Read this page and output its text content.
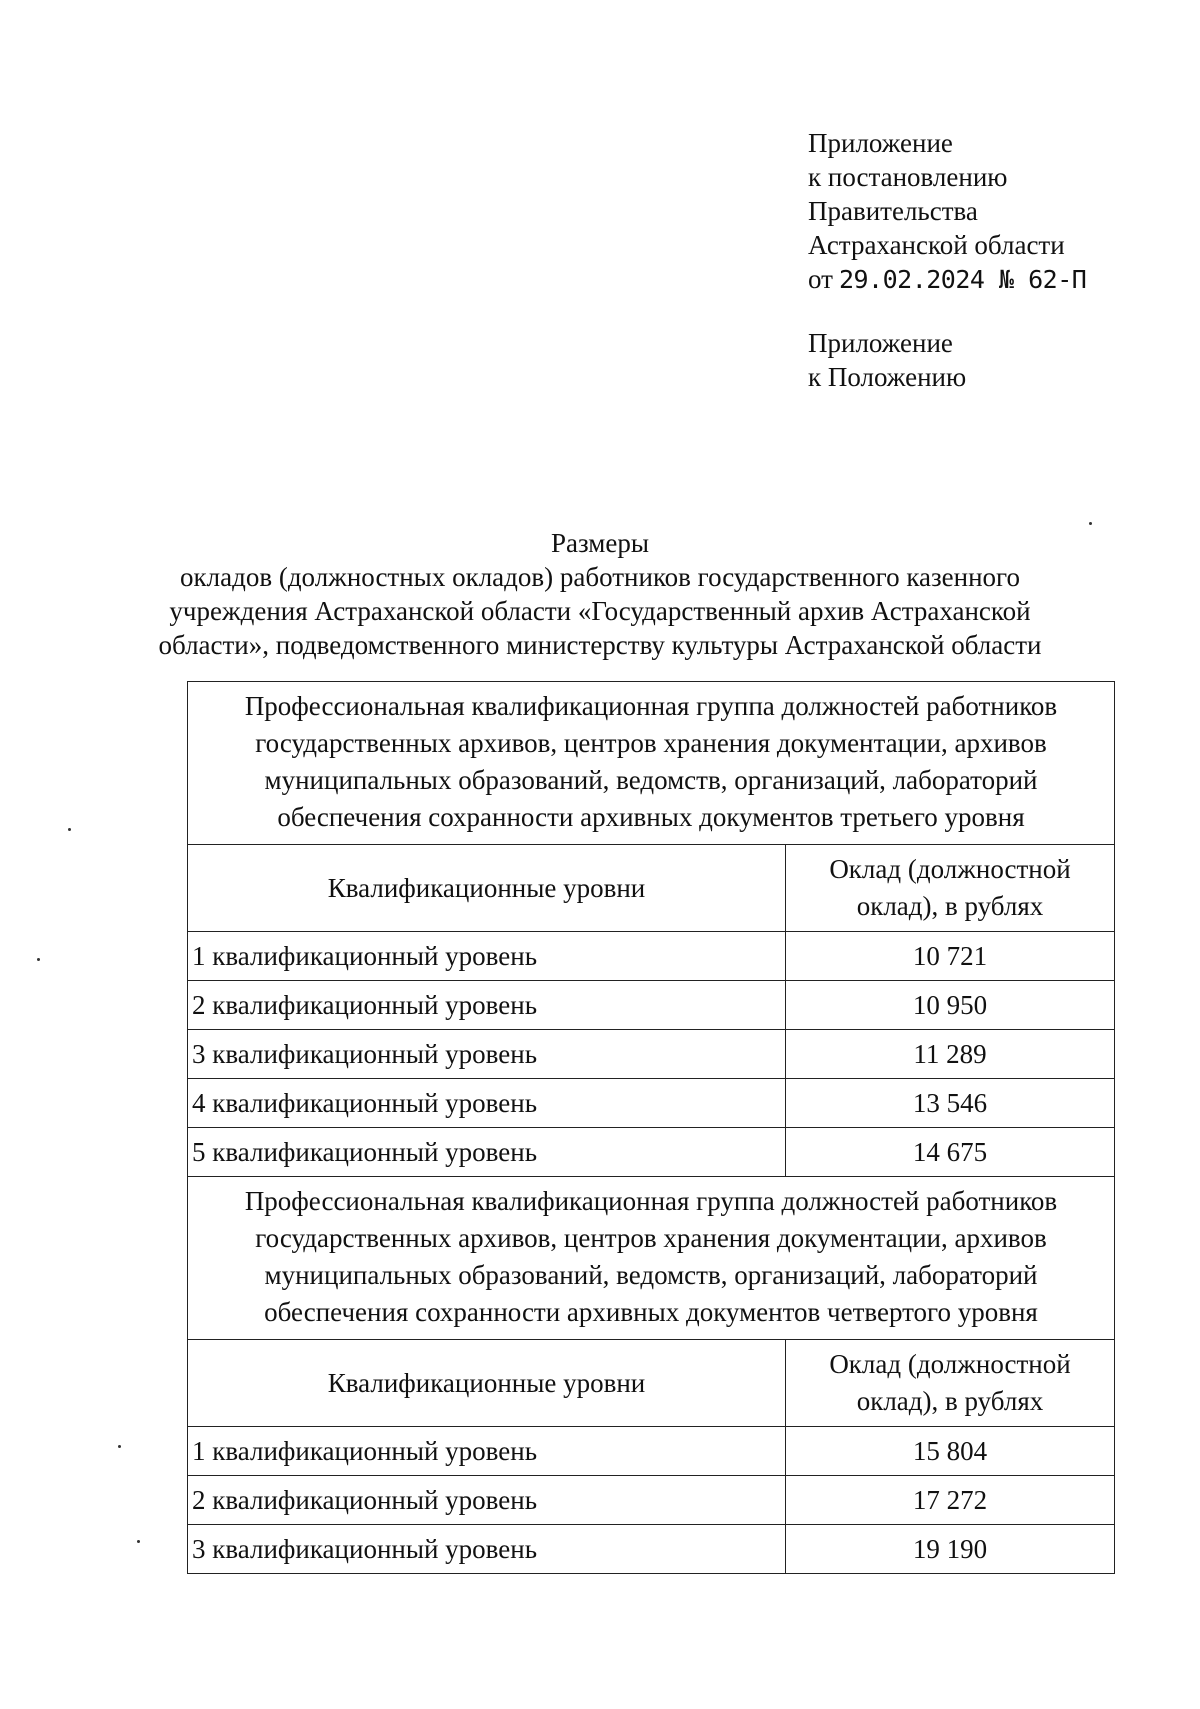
Приложение
к постановлению
Правительства
Астраханской области
от 29.02.2024 № 62-П
Приложение
к Положению
Размеры
окладов (должностных окладов) работников государственного казенного
учреждения Астраханской области «Государственный архив Астраханской
области», подведомственного министерству культуры Астраханской области
Профессиональная квалификационная группа должностей работников
государственных архивов, центров хранения документации, архивов
муниципальных образований, ведомств, организаций, лабораторий
обеспечения сохранности архивных документов третьего уровня	

Квалификационные уровни	Оклад (должностной
оклад), в рублях

1 квалификационный уровень	10 721
2 квалификационный уровень	10 950
3 квалификационный уровень	11 289
4 квалификационный уровень	13 546
5 квалификационный уровень	14 675

Профессиональная квалификационная группа должностей работников
государственных архивов, центров хранения документации, архивов
муниципальных образований, ведомств, организаций, лабораторий
обеспечения сохранности архивных документов четвертого уровня	

Квалификационные уровни	Оклад (должностной
оклад), в рублях

1 квалификационный уровень	15 804
2 квалификационный уровень	17 272
3 квалификационный уровень	19 190
